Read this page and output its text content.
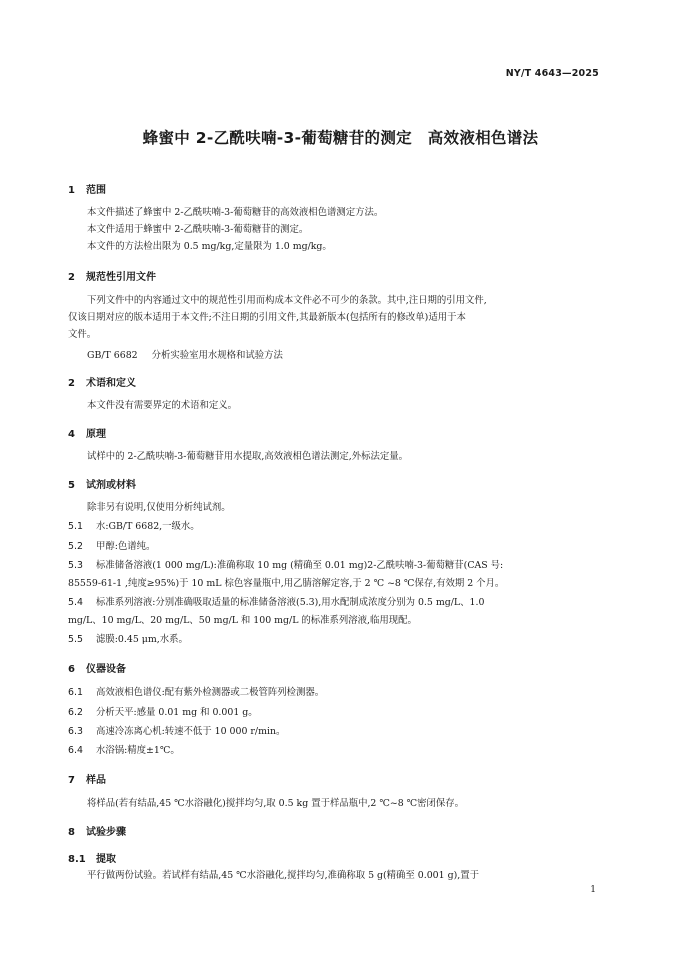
NY/T 4643—2025
蜂蜜中 2-乙酰呋喃-3-葡萄糖苷的测定　高效液相色谱法
1 范围
本文件描述了蜂蜜中 2-乙酰呋喃-3-葡萄糖苷的高效液相色谱测定方法。
本文件适用于蜂蜜中 2-乙酰呋喃-3-葡萄糖苷的测定。
本文件的方法检出限为 0.5 mg/kg,定量限为 1.0 mg/kg。
2 规范性引用文件
下列文件中的内容通过文中的规范性引用而构成本文件必不可少的条款。其中,注日期的引用文件,
仅该日期对应的版本适用于本文件;不注日期的引用文件,其最新版本(包括所有的修改单)适用于本
文件。
GB/T 6682 分析实验室用水规格和试验方法
2 术语和定义
本文件没有需要界定的术语和定义。
4 原理
试样中的 2-乙酰呋喃-3-葡萄糖苷用水提取,高效液相色谱法测定,外标法定量。
5 试剂或材料
除非另有说明,仅使用分析纯试剂。
5.1 水:GB/T 6682,一级水。
5.2 甲醇:色谱纯。
5.3 标准储备溶液(1 000 mg/L):准确称取 10 mg (精确至 0.01 mg)2-乙酰呋喃-3-葡萄糖苷(CAS 号:
85559-61-1 ,纯度≥95%)于 10 mL 棕色容量瓶中,用乙腈溶解定容,于 2 ℃ ~8 ℃保存,有效期 2 个月。
5.4 标准系列溶液:分别准确吸取适量的标准储备溶液(5.3),用水配制成浓度分别为 0.5 mg/L、1.0
mg/L、10 mg/L、20 mg/L、50 mg/L 和 100 mg/L 的标准系列溶液,临用现配。
5.5 滤膜:0.45 μm,水系。
6 仪器设备
6.1 高效液相色谱仪:配有紫外检测器或二极管阵列检测器。
6.2 分析天平:感量 0.01 mg 和 0.001 g。
6.3 高速冷冻离心机:转速不低于 10 000 r/min。
6.4 水浴锅:精度±1℃。
7 样品
将样品(若有结晶,45 ℃水浴融化)搅拌均匀,取 0.5 kg 置于样品瓶中,2 ℃~8 ℃密闭保存。
8 试验步骤
8.1 提取
平行做两份试验。若试样有结晶,45 ℃水浴融化,搅拌均匀,准确称取 5 g(精确至 0.001 g),置于
1
